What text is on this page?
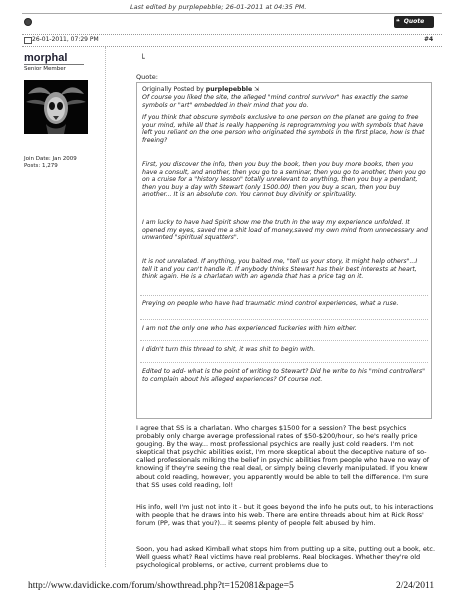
Last edited by purplepebble; 26-01-2011 at 04:35 PM.
❝ Quote
26-01-2011, 07:29 PM	#4
morphal
Senior Member
Join Date: Jan 2009
Posts: 1,279
└
Quote:

Originally Posted by purplepebble ⇲

Of course you liked the site, the alleged "mind control survivor" has exactly the same symbols or "art" embedded in their mind that you do.

If you think that obscure symbols exclusive to one person on the planet are going to free your mind, while all that is really happening is reprogramming you with symbols that have left you reliant on the one person who originated the symbols in the first place, how is that freeing?

First, you discover the info, then you buy the book, then you buy more books, then you have a consult, and another, then you go to a seminar, then you go to another, then you go on a cruise for a "history lesson" totally unrelevant to anything, then you buy a pendant, then you buy a day with Stewart (only 1500.00) then you buy a scan, then you buy another... It is an absolute con. You cannot buy divinity or spirituality.

I am lucky to have had Spirit show me the truth in the way my experience unfolded. It opened my eyes, saved me a shit load of money,saved my own mind from unnecessary and unwanted "spiritual squatters".

It is not unrelated. If anything, you baited me, "tell us your story, it might help others"...I tell it and you can't handle it. If anybody thinks Stewart has their best interests at heart, think again. He is a charlatan with an agenda that has a price tag on it.

Preying on people who have had traumatic mind control experiences, what a ruse.

I am not the only one who has experienced fuckeries with him either.

I didn't turn this thread to shit, it was shit to begin with.

Edited to add- what is the point of writing to Stewart? Did he write to his "mind controllers" to complain about his alleged experiences? Of course not.

I agree that SS is a charlatan. Who charges $1500 for a session? The best psychics probably only charge average professional rates of $50-$200/hour, so he's really price gouging. By the way... most professional psychics are really just cold readers. I'm not skeptical that psychic abilities exist, I'm more skeptical about the deceptive nature of so-called professionals milking the belief in psychic abilities from people who have no way of knowing if they're seeing the real deal, or simply being cleverly manipulated. If you knew about cold reading, however, you apparently would be able to tell the difference. I'm sure that SS uses cold reading, lol!

His info, well I'm just not into it - but it goes beyond the info he puts out, to his interactions with people that he draws into his web. There are entire threads about him at Rick Ross' forum (PP, was that you?)... it seems plenty of people felt abused by him.

Soon, you had asked Kimball what stops him from putting up a site, putting out a book, etc. Well guess what? Real victims have real problems. Real blockages. Whether they're old psychological problems, or active, current problems due to

http://www.davidicke.com/forum/showthread.php?t=152081&page=5	2/24/2011
